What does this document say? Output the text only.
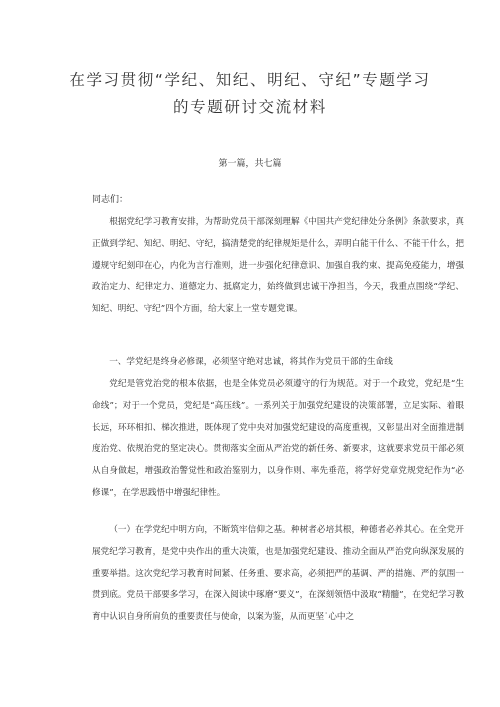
在学习贯彻“学纪、知纪、明纪、守纪”专题学习
的专题研讨交流材料
第一篇，共七篇
同志们：

根据党纪学习教育安排，为帮助党员干部深刻理解《中国共产党纪律处分条例》条款要求，真正做到学纪、知纪、明纪、守纪，搞清楚党的纪律规矩是什么，弄明白能干什么、不能干什么，把遵规守纪刻印在心，内化为言行准则，进一步强化纪律意识、加强自我约束、提高免疫能力，增强政治定力、纪律定力、道德定力、抵腐定力，始终做到忠诚干净担当，今天，我重点围绕“学纪、知纪、明纪、守纪”四个方面，给大家上一堂专题党课。

一、学党纪是终身必修课，必须坚守绝对忠诚，将其作为党员干部的生命线

党纪是管党治党的根本依据，也是全体党员必须遵守的行为规范。对于一个政党，党纪是“生命线”；对于一个党员，党纪是“高压线”。一系列关于加强党纪建设的决策部署，立足实际、着眼长远，环环相扣、梯次推进，既体现了党中央对加强党纪建设的高度重视，又彰显出对全面推进制度治党、依规治党的坚定决心。贯彻落实全面从严治党的新任务、新要求，这就要求党员干部必须从自身做起，增强政治警觉性和政治鉴别力，以身作则、率先垂范，将学好党章党规党纪作为“必修课”，在学思践悟中增强纪律性。

（一）在学党纪中明方向，不断筑牢信仰之基。种树者必培其根，种德者必养其心。在全党开展党纪学习教育，是党中央作出的重大决策，也是加强党纪建设、推动全面从严治党向纵深发展的重要举措。这次党纪学习教育时间紧、任务重、要求高，必须把严的基调、严的措施、严的氛围一贯到底。党员干部要多学习，在深入阅读中琢磨“要义”，在深刻领悟中汲取“精髓”，在党纪学习教育中认识自身所肩负的重要责任与使命，以案为鉴，从而更坚˙心中之
